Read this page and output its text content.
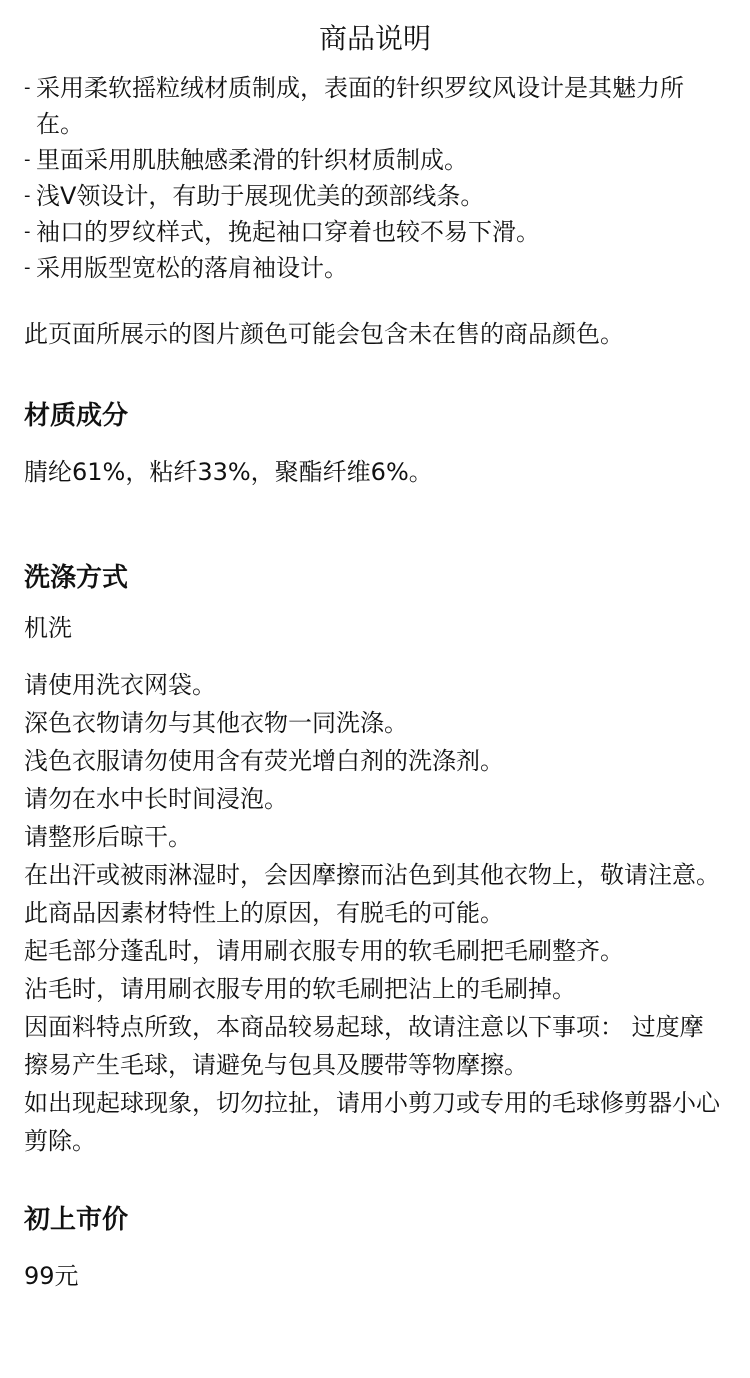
商品说明
- 采用柔软摇粒绒材质制成，表面的针织罗纹风设计是其魅力所在。
- 里面采用肌肤触感柔滑的针织材质制成。
- 浅V领设计，有助于展现优美的颈部线条。
- 袖口的罗纹样式，挽起袖口穿着也较不易下滑。
- 采用版型宽松的落肩袖设计。

此页面所展示的图片颜色可能会包含未在售的商品颜色。

材质成分

腈纶61%，粘纤33%，聚酯纤维6%。

洗涤方式

机洗

请使用洗衣网袋。
深色衣物请勿与其他衣物一同洗涤。
浅色衣服请勿使用含有荧光增白剂的洗涤剂。
请勿在水中长时间浸泡。
请整形后晾干。
在出汗或被雨淋湿时，会因摩擦而沾色到其他衣物上，敬请注意。
此商品因素材特性上的原因，有脱毛的可能。
起毛部分蓬乱时，请用刷衣服专用的软毛刷把毛刷整齐。
沾毛时，请用刷衣服专用的软毛刷把沾上的毛刷掉。
因面料特点所致，本商品较易起球，故请注意以下事项： 过度摩擦易产生毛球，请避免与包具及腰带等物摩擦。
如出现起球现象，切勿拉扯，请用小剪刀或专用的毛球修剪器小心剪除。
初上市价

99元
